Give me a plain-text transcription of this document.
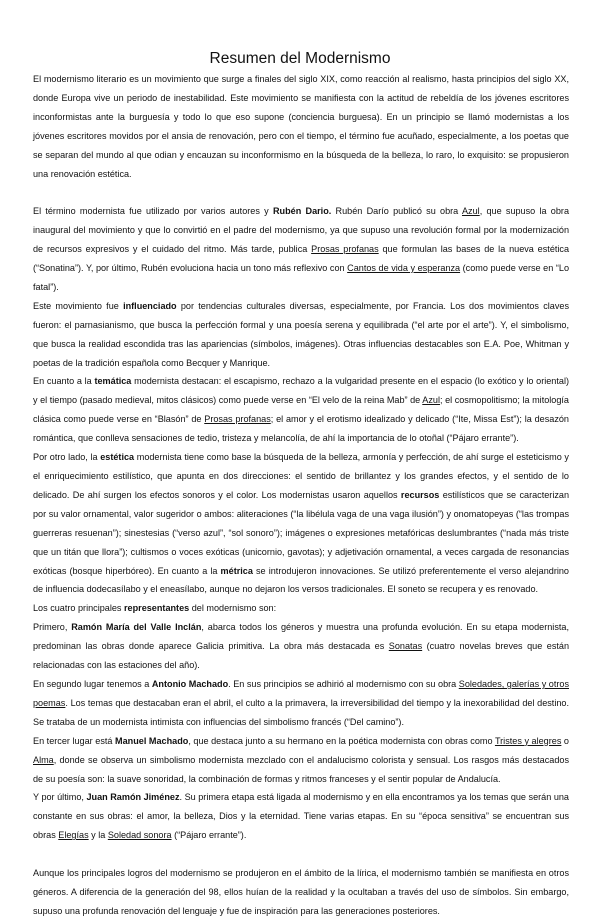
Resumen del Modernismo

El modernismo literario es un movimiento que surge a finales del siglo XIX, como reacción al realismo, hasta principios del siglo XX, donde Europa vive un periodo de inestabilidad. Este movimiento se manifiesta con la actitud de rebeldía de los jóvenes escritores inconformistas ante la burguesía y todo lo que eso supone (conciencia burguesa). En un principio se llamó modernistas a los jóvenes escritores movidos por el ansia de renovación, pero con el tiempo, el término fue acuñado, especialmente, a los poetas que se separan del mundo al que odian y encauzan su inconformismo en la búsqueda de la belleza, lo raro, lo exquisito: se propusieron una renovación estética.

El término modernista fue utilizado por varios autores y Rubén Dario. Rubén Darío publicó su obra Azul, que supuso la obra inaugural del movimiento y que lo convirtió en el padre del modernismo, ya que supuso una revolución formal por la modernización de recursos expresivos y el cuidado del ritmo. Más tarde, publica Prosas profanas que formulan las bases de la nueva estética (“Sonatina”). Y, por último, Rubén evoluciona hacia un tono más reflexivo con Cantos de vida y esperanza (como puede verse en “Lo fatal”).

Este movimiento fue influenciado por tendencias culturales diversas, especialmente, por Francia. Los dos movimientos claves fueron: el parnasianismo, que busca la perfección formal y una poesía serena y equilibrada (“el arte por el arte”). Y, el simbolismo, que busca la realidad escondida tras las apariencias (símbolos, imágenes). Otras influencias destacables son E.A. Poe, Whitman y poetas de la tradición española como Becquer y Manrique.

En cuanto a la temática modernista destacan: el escapismo, rechazo a la vulgaridad presente en el espacio (lo exótico y lo oriental) y el tiempo (pasado medieval, mitos clásicos) como puede verse en “El velo de la reina Mab” de Azul; el cosmopolitismo; la mitología clásica como puede verse en “Blasón” de Prosas profanas; el amor y el erotismo idealizado y delicado (“Ite, Missa Est”); la desazón romántica, que conlleva sensaciones de tedio, tristeza y melancolía, de ahí la importancia de lo otoñal (“Pájaro errante”).

Por otro lado, la estética modernista tiene como base la búsqueda de la belleza, armonía y perfección, de ahí surge el esteticismo y el enriquecimiento estilístico, que apunta en dos direcciones: el sentido de brillantez y los grandes efectos, y el sentido de lo delicado. De ahí surgen los efectos sonoros y el color. Los modernistas usaron aquellos recursos estilísticos que se caracterizan por su valor ornamental, valor sugeridor o ambos: aliteraciones (“la libélula vaga de una vaga ilusión”) y onomatopeyas (“las trompas guerreras resuenan”); sinestesias (“verso azul”, “sol sonoro”); imágenes o expresiones metafóricas deslumbrantes (“nada más triste que un titán que llora”); cultismos o voces exóticas (unicornio, gavotas); y adjetivación ornamental, a veces cargada de resonancias exóticas (bosque hiperbóreo). En cuanto a la métrica se introdujeron innovaciones. Se utilizó preferentemente el verso alejandrino de influencia dodecasílabo y el eneasílabo, aunque no dejaron los versos tradicionales. El soneto se recupera y es renovado.

Los cuatro principales representantes del modernismo son:

Primero, Ramón María del Valle Inclán, abarca todos los géneros y muestra una profunda evolución. En su etapa modernista, predominan las obras donde aparece Galicia primitiva. La obra más destacada es Sonatas (cuatro novelas breves que están relacionadas con las estaciones del año).

En segundo lugar tenemos a Antonio Machado. En sus principios se adhirió al modernismo con su obra Soledades, galerías y otros poemas. Los temas que destacaban eran el abril, el culto a la primavera, la irreversibilidad del tiempo y la inexorabilidad del destino. Se trataba de un modernista intimista con influencias del simbolismo francés (“Del camino”).

En tercer lugar está Manuel Machado, que destaca junto a su hermano en la poética modernista con obras como Tristes y alegres o Alma, donde se observa un simbolismo modernista mezclado con el andalucismo colorista y sensual. Los rasgos más destacados de su poesía son: la suave sonoridad, la combinación de formas y ritmos franceses y el sentir popular de Andalucía.

Y por último, Juan Ramón Jiménez. Su primera etapa está ligada al modernismo y en ella encontramos ya los temas que serán una constante en sus obras: el amor, la belleza, Dios y la eternidad. Tiene varias etapas. En su “época sensitiva” se encuentran sus obras Elegías y la Soledad sonora (“Pájaro errante”).

Aunque los principales logros del modernismo se produjeron en el ámbito de la lírica, el modernismo también se manifiesta en otros géneros. A diferencia de la generación del 98, ellos huían de la realidad y la ocultaban a través del uso de símbolos. Sin embargo, supuso una profunda renovación del lenguaje y fue de inspiración para las generaciones posteriores.
